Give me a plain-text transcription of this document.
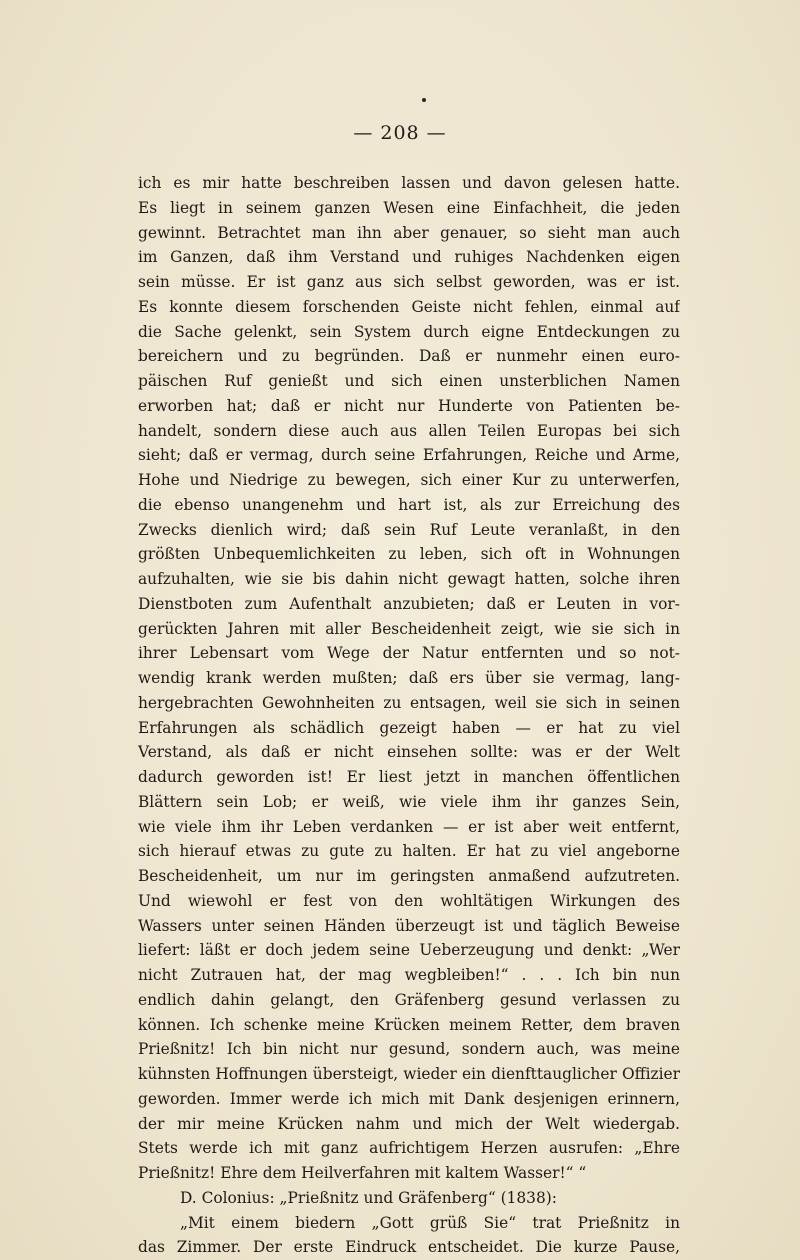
— 208 —
ich es mir hatte beschreiben lassen und davon gelesen hatte.
Es liegt in seinem ganzen Wesen eine Einfachheit, die jeden
gewinnt. Betrachtet man ihn aber genauer, so sieht man auch
im Ganzen, daß ihm Verstand und ruhiges Nachdenken eigen
sein müsse. Er ist ganz aus sich selbst geworden, was er ist.
Es konnte diesem forschenden Geiste nicht fehlen, einmal auf
die Sache gelenkt, sein System durch eigne Entdeckungen zu
bereichern und zu begründen. Daß er nunmehr einen euro-
päischen Ruf genießt und sich einen unsterblichen Namen
erworben hat; daß er nicht nur Hunderte von Patienten be-
handelt, sondern diese auch aus allen Teilen Europas bei sich
sieht; daß er vermag, durch seine Erfahrungen, Reiche und Arme,
Hohe und Niedrige zu bewegen, sich einer Kur zu unterwerfen,
die ebenso unangenehm und hart ist, als zur Erreichung des
Zwecks dienlich wird; daß sein Ruf Leute veranlaßt, in den
größten Unbequemlichkeiten zu leben, sich oft in Wohnungen
aufzuhalten, wie sie bis dahin nicht gewagt hatten, solche ihren
Dienstboten zum Aufenthalt anzubieten; daß er Leuten in vor-
gerückten Jahren mit aller Bescheidenheit zeigt, wie sie sich in
ihrer Lebensart vom Wege der Natur entfernten und so not-
wendig krank werden mußten; daß ers über sie vermag, lang-
hergebrachten Gewohnheiten zu entsagen, weil sie sich in seinen
Erfahrungen als schädlich gezeigt haben — er hat zu viel
Verstand, als daß er nicht einsehen sollte: was er der Welt
dadurch geworden ist! Er liest jetzt in manchen öffentlichen
Blättern sein Lob; er weiß, wie viele ihm ihr ganzes Sein,
wie viele ihm ihr Leben verdanken — er ist aber weit entfernt,
sich hierauf etwas zu gute zu halten. Er hat zu viel angeborne
Bescheidenheit, um nur im geringsten anmaßend aufzutreten.
Und wiewohl er fest von den wohltätigen Wirkungen des
Wassers unter seinen Händen überzeugt ist und täglich Beweise
liefert: läßt er doch jedem seine Ueberzeugung und denkt: „Wer
nicht Zutrauen hat, der mag wegbleiben!“ . . . Ich bin nun
endlich dahin gelangt, den Gräfenberg gesund verlassen zu
können. Ich schenke meine Krücken meinem Retter, dem braven
Prießnitz! Ich bin nicht nur gesund, sondern auch, was meine
kühnsten Hoffnungen übersteigt, wieder ein dienfttauglicher Offizier
geworden. Immer werde ich mich mit Dank desjenigen erinnern,
der mir meine Krücken nahm und mich der Welt wiedergab.
Stets werde ich mit ganz aufrichtigem Herzen ausrufen: „Ehre
Prießnitz! Ehre dem Heilverfahren mit kaltem Wasser!“ “
D. Colonius: „Prießnitz und Gräfenberg“ (1838):
„Mit einem biedern „Gott grüß Sie“ trat Prießnitz in
das Zimmer. Der erste Eindruck entscheidet. Die kurze Pause,
